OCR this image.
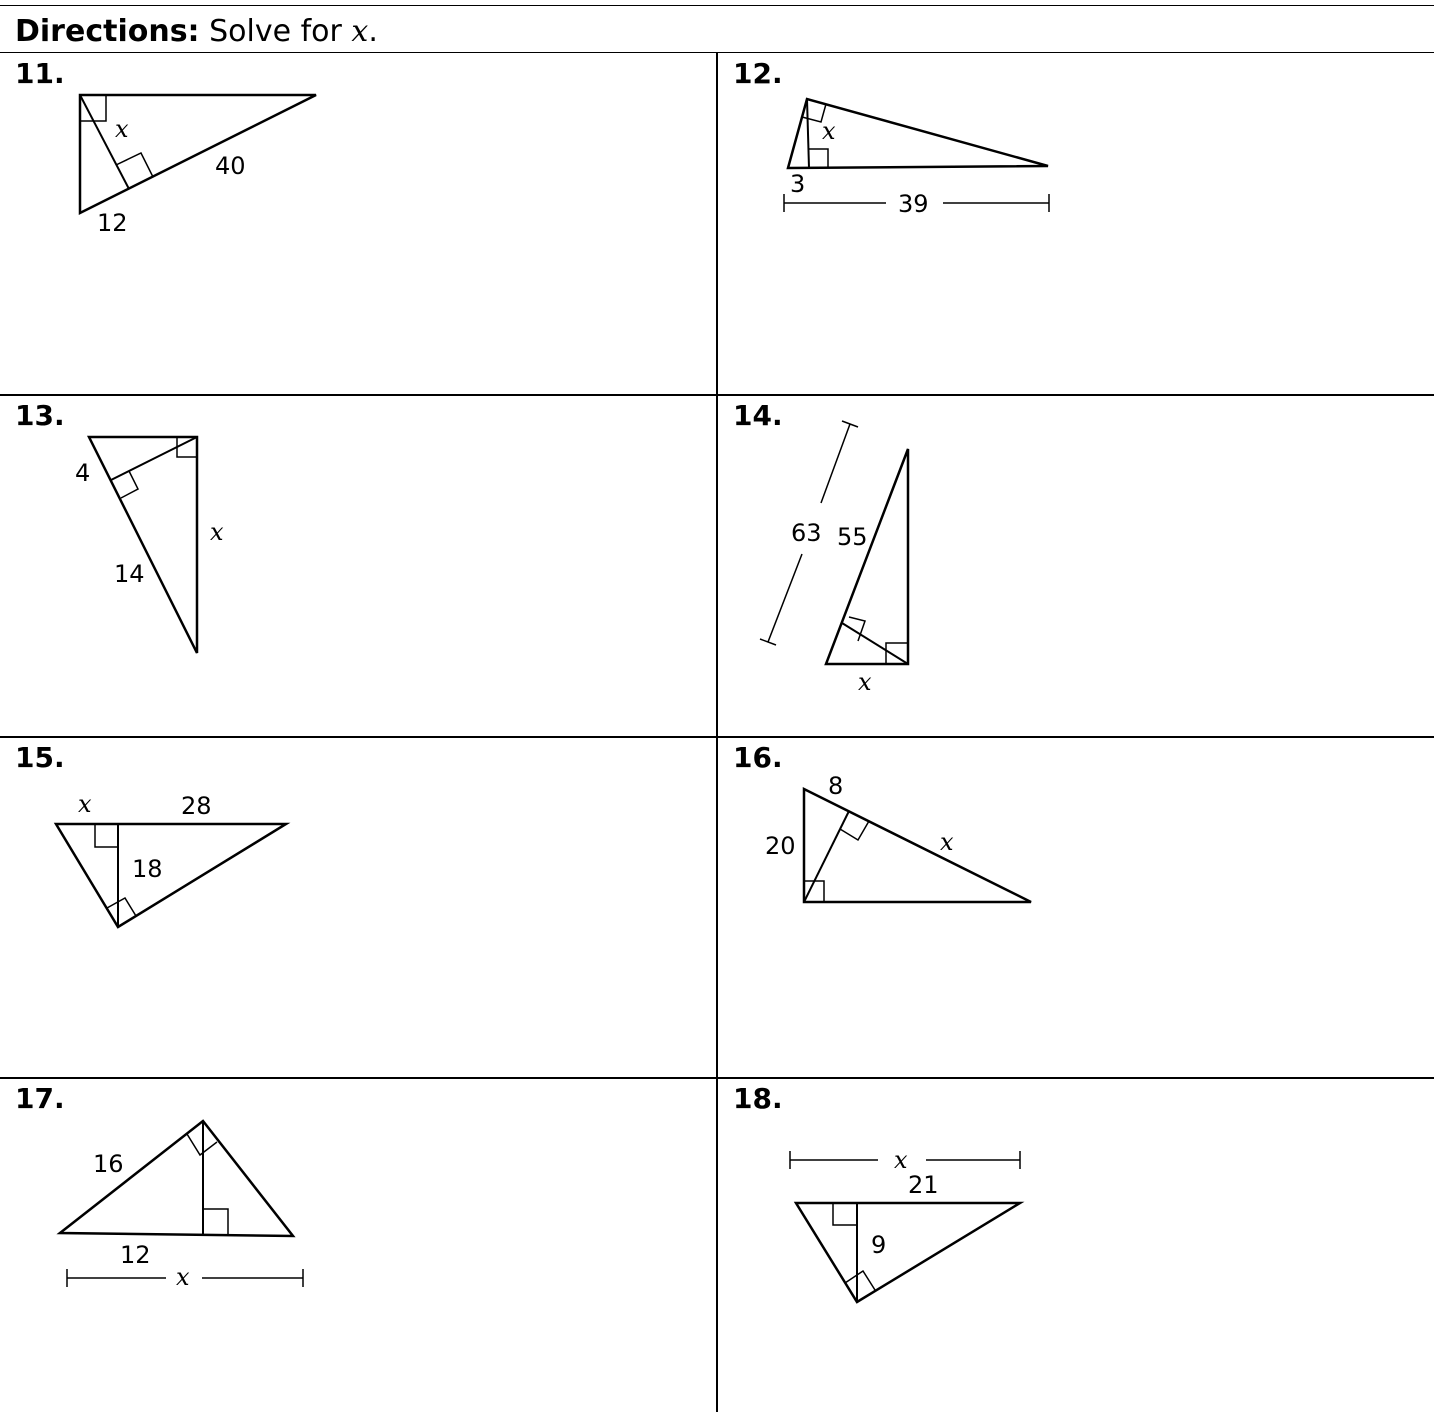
Directions: Solve for x.
11.
x
40
12
12.
x
3
39
13.
4
x
14
14.
63 55
x
15.
x	28
18
16.
8
20	x
17.
16
12
x
18.
x
21
9
